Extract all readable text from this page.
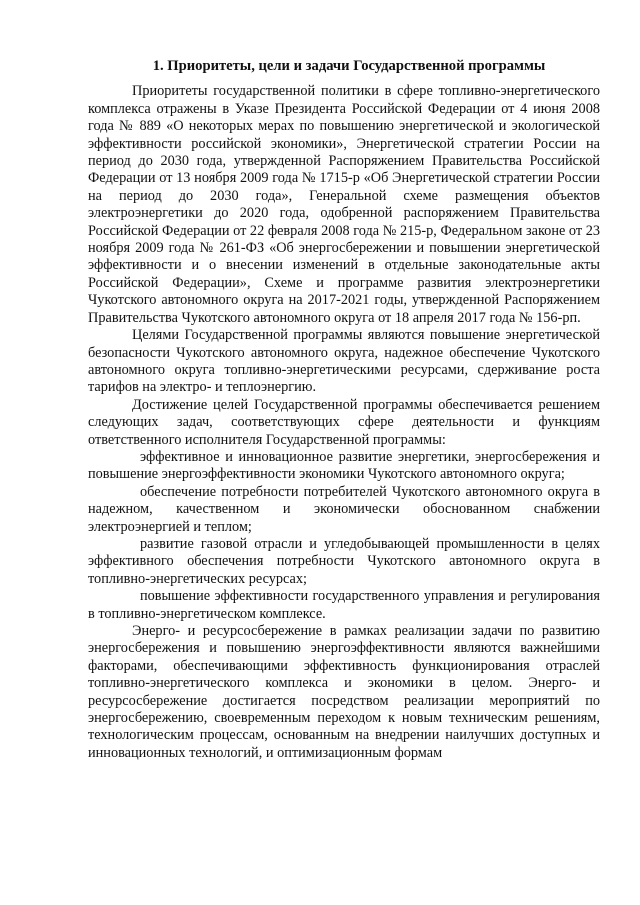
1. Приоритеты, цели и задачи Государственной программы

Приоритеты государственной политики в сфере топливно-энергетического комплекса отражены в Указе Президента Российской Федерации от 4 июня 2008 года № 889 «О некоторых мерах по повышению энергетической и экологической эффективности российской экономики», Энергетической стратегии России на период до 2030 года, утвержденной Распоряжением Правительства Российской Федерации от 13 ноября 2009 года № 1715-р «Об Энергетической стратегии России на период до 2030 года», Генеральной схеме размещения объектов электроэнергетики до 2020 года, одобренной распоряжением Правительства Российской Федерации от 22 февраля 2008 года № 215-р, Федеральном законе от 23 ноября 2009 года № 261-ФЗ «Об энергосбережении и повышении энергетической эффективности и о внесении изменений в отдельные законодательные акты Российской Федерации», Схеме и программе развития электроэнергетики Чукотского автономного округа на 2017-2021 годы, утвержденной Распоряжением Правительства Чукотского автономного округа от 18 апреля 2017 года № 156-рп.

Целями Государственной программы являются повышение энергетической безопасности Чукотского автономного округа, надежное обеспечение Чукотского автономного округа топливно-энергетическими ресурсами, сдерживание роста тарифов на электро- и теплоэнергию.

Достижение целей Государственной программы обеспечивается решением следующих задач, соответствующих сфере деятельности и функциям ответственного исполнителя Государственной программы:

эффективное и инновационное развитие энергетики, энергосбережения и повышение энергоэффективности экономики Чукотского автономного округа;

обеспечение потребности потребителей Чукотского автономного округа в надежном, качественном и экономически обоснованном снабжении электроэнергией и теплом;

развитие газовой отрасли и угледобывающей промышленности в целях эффективного обеспечения потребности Чукотского автономного округа в топливно-энергетических ресурсах;

повышение эффективности государственного управления и регулирования в топливно-энергетическом комплексе.

Энерго- и ресурсосбережение в рамках реализации задачи по развитию энергосбережения и повышению энергоэффективности являются важнейшими факторами, обеспечивающими эффективность функционирования отраслей топливно-энергетического комплекса и экономики в целом. Энерго- и ресурсосбережение достигается посредством реализации мероприятий по энергосбережению, своевременным переходом к новым техническим решениям, технологическим процессам, основанным на внедрении наилучших доступных и инновационных технологий, и оптимизационным формам
